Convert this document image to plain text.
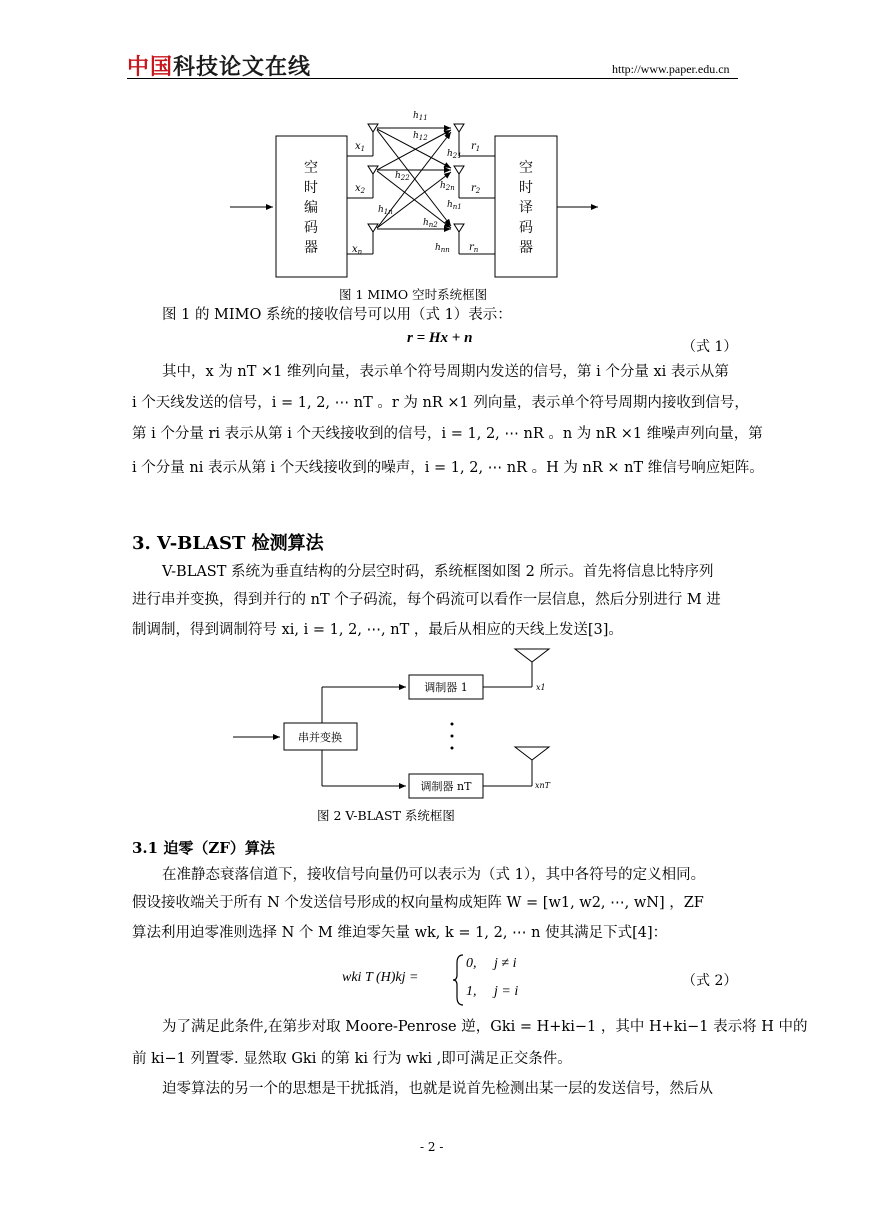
中国科技论文在线	http://www.paper.edu.cn
空
时
编
码
器
$x_1$
$x_2$
$x_n$
$h_{11}$
$h_{12}$
$h_{21}$
$h_{22}$
$h_{2n}$
$h_{n1}$
$h_{1n}$
$h_{n2}$
$h_{nn}$
$r_1$
$r_2$
$r_n$
空
时
译
码
器
图 1 MIMO 空时系统框图

图 1 的 MIMO 系统的接收信号可以用（式 1）表示：

r = Hx + n
（式 1）

其中，x 为 nT ×1 维列向量，表示单个符号周期内发送的信号，第 i 个分量 xi 表示从第

i 个天线发送的信号，i = 1, 2, ⋯ nT 。r 为 nR ×1 列向量，表示单个符号周期内接收到信号，

第 i 个分量 ri 表示从第 i 个天线接收到的信号，i = 1, 2, ⋯ nR 。n 为 nR ×1 维噪声列向量，第

i 个分量 ni 表示从第 i 个天线接收到的噪声，i = 1, 2, ⋯ nR 。H 为 nR × nT 维信号响应矩阵。

3. V-BLAST 检测算法

V-BLAST 系统为垂直结构的分层空时码，系统框图如图 2 所示。首先将信息比特序列

进行串并变换，得到并行的 nT 个子码流，每个码流可以看作一层信息，然后分别进行 M 进

制调制，得到调制符号 xi, i = 1, 2, ⋯, nT ，最后从相应的天线上发送[3]。

串并变换
调制器 1
调制器 nT
x1
xnT
图 2 V-BLAST 系统框图
3.1 迫零（ZF）算法

在准静态衰落信道下，接收信号向量仍可以表示为（式 1），其中各符号的定义相同。

假设接收端关于所有 N 个发送信号形成的权向量构成矩阵 W = [w1, w2, ⋯, wN] ，ZF

算法利用迫零准则选择 N 个 M 维迫零矢量 wk, k = 1, 2, ⋯ n 使其满足下式[4]：

wki T (H)kj =
0,     j ≠ i
1,     j = i
（式 2）

为了满足此条件,在第步对取 Moore-Penrose 逆，Gki = H+ki−1 ，其中 H+ki−1 表示将 H 中的

前 ki−1 列置零. 显然取 Gki 的第 ki 行为 wki ,即可满足正交条件。

迫零算法的另一个的思想是干扰抵消，也就是说首先检测出某一层的发送信号，然后从

- 2 -
